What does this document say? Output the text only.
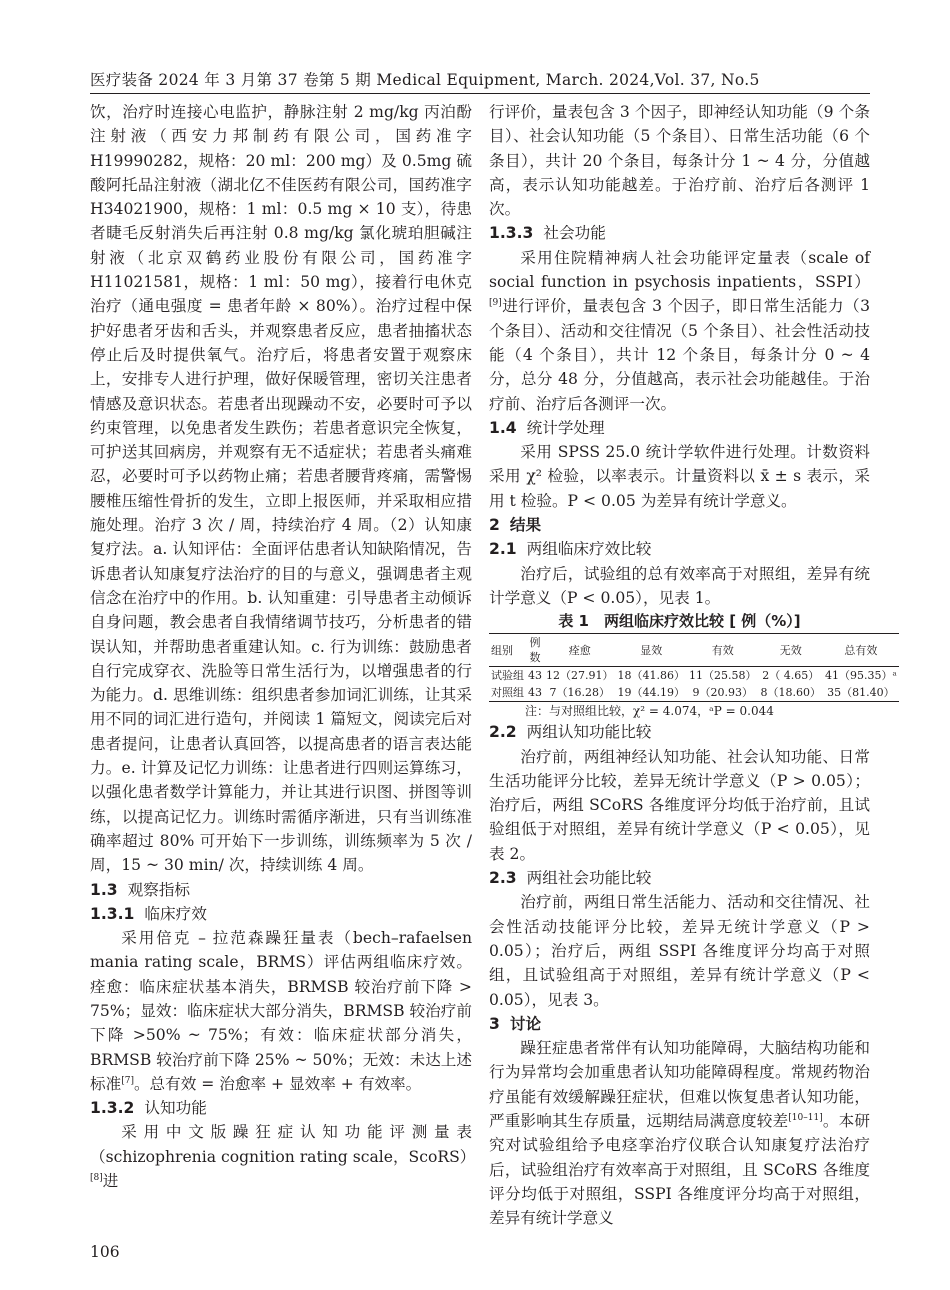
医疗装备 2024 年 3 月第 37 卷第 5 期 Medical Equipment, March. 2024,Vol. 37, No.5

饮，治疗时连接心电监护，静脉注射 2 mg/kg 丙泊酚注射液（西安力邦制药有限公司，国药准字 H19990282，规格：20 ml：200 mg）及 0.5mg 硫酸阿托品注射液（湖北亿不佳医药有限公司，国药准字 H34021900，规格：1 ml：0.5 mg × 10 支），待患者睫毛反射消失后再注射 0.8 mg/kg 氯化琥珀胆碱注射液（北京双鹤药业股份有限公司，国药准字 H11021581，规格：1 ml：50 mg），接着行电休克治疗（通电强度 = 患者年龄 × 80%）。治疗过程中保护好患者牙齿和舌头，并观察患者反应，患者抽搐状态停止后及时提供氧气。治疗后，将患者安置于观察床上，安排专人进行护理，做好保暖管理，密切关注患者情感及意识状态。若患者出现躁动不安，必要时可予以约束管理，以免患者发生跌伤；若患者意识完全恢复，可护送其回病房，并观察有无不适症状；若患者头痛难忍，必要时可予以药物止痛；若患者腰背疼痛，需警惕腰椎压缩性骨折的发生，立即上报医师，并采取相应措施处理。治疗 3 次 / 周，持续治疗 4 周。（2）认知康复疗法。a. 认知评估：全面评估患者认知缺陷情况，告诉患者认知康复疗法治疗的目的与意义，强调患者主观信念在治疗中的作用。b. 认知重建：引导患者主动倾诉自身问题，教会患者自我情绪调节技巧，分析患者的错误认知，并帮助患者重建认知。c. 行为训练：鼓励患者自行完成穿衣、洗脸等日常生活行为，以增强患者的行为能力。d. 思维训练：组织患者参加词汇训练，让其采用不同的词汇进行造句，并阅读 1 篇短文，阅读完后对患者提问，让患者认真回答，以提高患者的语言表达能力。e. 计算及记忆力训练：让患者进行四则运算练习，以强化患者数学计算能力，并让其进行识图、拼图等训练，以提高记忆力。训练时需循序渐进，只有当训练准确率超过 80% 可开始下一步训练，训练频率为 5 次 / 周，15 ~ 30 min/ 次，持续训练 4 周。

1.3 观察指标
1.3.1 临床疗效

采用倍克 – 拉范森躁狂量表（bech–rafaelsen mania rating scale，BRMS）评估两组临床疗效。痊愈：临床症状基本消失，BRMSB 较治疗前下降 > 75%；显效：临床症状大部分消失，BRMSB 较治疗前下降 >50% ~ 75%；有效：临床症状部分消失，BRMSB 较治疗前下降 25% ~ 50%；无效：未达上述标准[7]。总有效 = 治愈率 + 显效率 + 有效率。

1.3.2 认知功能

采用中文版躁狂症认知功能评测量表（schizophrenia cognition rating scale，ScoRS）[8]进

行评价，量表包含 3 个因子，即神经认知功能（9 个条目）、社会认知功能（5 个条目）、日常生活功能（6 个条目），共计 20 个条目，每条计分 1 ~ 4 分，分值越高，表示认知功能越差。于治疗前、治疗后各测评 1 次。

1.3.3 社会功能

采用住院精神病人社会功能评定量表（scale of social function in psychosis inpatients，SSPI）[9]进行评价，量表包含 3 个因子，即日常生活能力（3 个条目）、活动和交往情况（5 个条目）、社会性活动技能（4 个条目），共计 12 个条目，每条计分 0 ~ 4 分，总分 48 分，分值越高，表示社会功能越佳。于治疗前、治疗后各测评一次。

1.4 统计学处理

采用 SPSS 25.0 统计学软件进行处理。计数资料采用 χ² 检验，以率表示。计量资料以 x̄ ± s 表示，采用 t 检验。P < 0.05 为差异有统计学意义。

2 结果
2.1 两组临床疗效比较

治疗后，试验组的总有效率高于对照组，差异有统计学意义（P < 0.05），见表 1。

表 1　两组临床疗效比较 [ 例（%）]
组别	例数	痊愈	显效	有效	无效	总有效
试验组	43	12（27.91）	18（41.86）	11（25.58）	2（ 4.65）	41（95.35）ᵃ
对照组	43	7（16.28）	19（44.19）	9（20.93）	8（18.60）	35（81.40）
注：与对照组比较，χ² = 4.074，ᵃP = 0.044
2.2 两组认知功能比较

治疗前，两组神经认知功能、社会认知功能、日常生活功能评分比较，差异无统计学意义（P > 0.05）；治疗后，两组 SCoRS 各维度评分均低于治疗前，且试验组低于对照组，差异有统计学意义（P < 0.05），见表 2。

2.3 两组社会功能比较

治疗前，两组日常生活能力、活动和交往情况、社会性活动技能评分比较，差异无统计学意义（P > 0.05）；治疗后，两组 SSPI 各维度评分均高于对照组，且试验组高于对照组，差异有统计学意义（P < 0.05），见表 3。

3 讨论

躁狂症患者常伴有认知功能障碍，大脑结构功能和行为异常均会加重患者认知功能障碍程度。常规药物治疗虽能有效缓解躁狂症状，但难以恢复患者认知功能，严重影响其生存质量，远期结局满意度较差[10–11]。本研究对试验组给予电痉挛治疗仪联合认知康复疗法治疗后，试验组治疗有效率高于对照组，且 SCoRS 各维度评分均低于对照组，SSPI 各维度评分均高于对照组，差异有统计学意义

106
